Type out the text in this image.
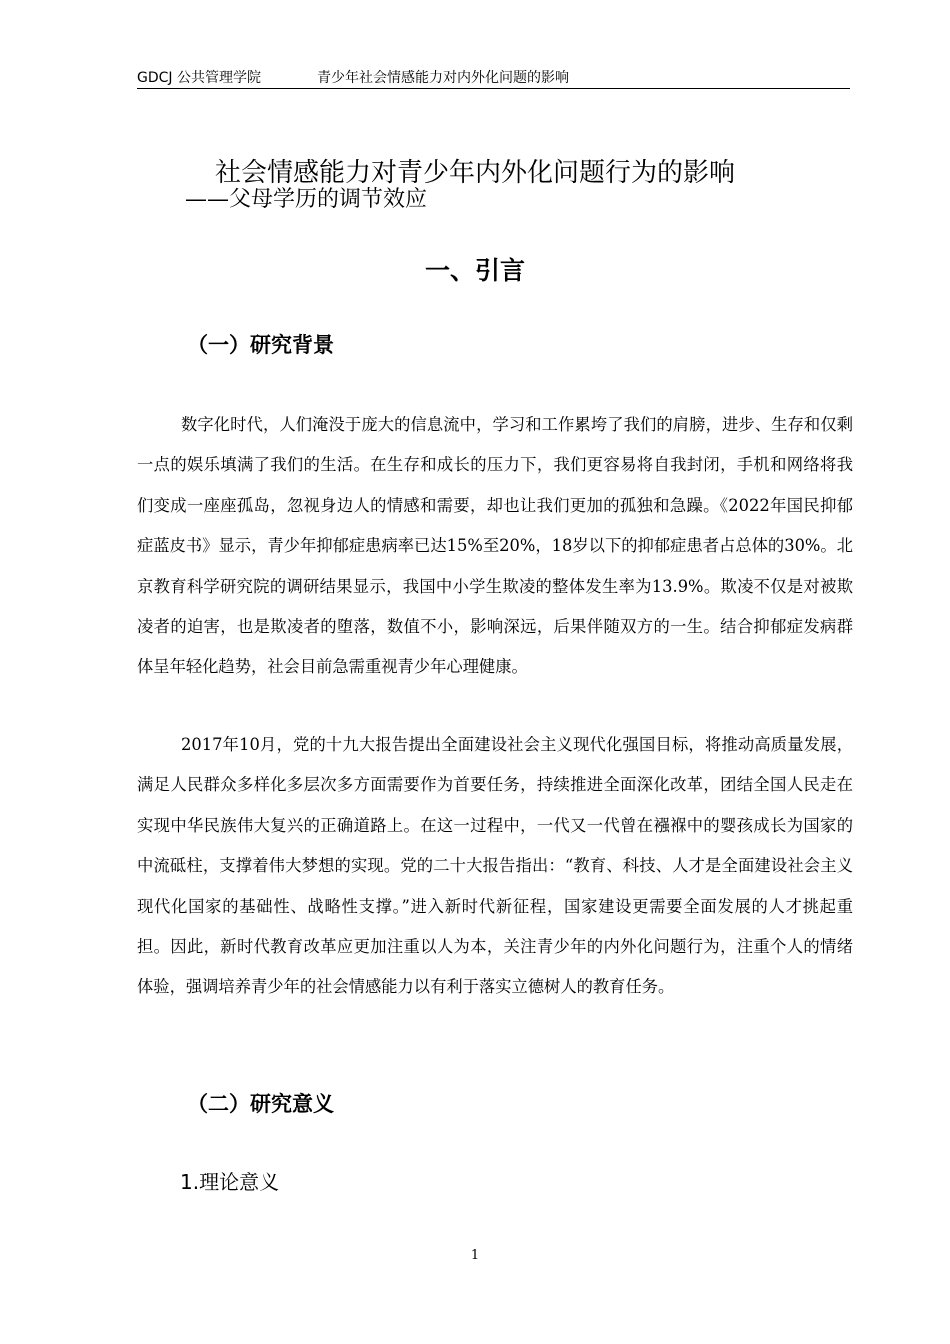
GDCJ 公共管理学院	青少年社会情感能力对内外化问题的影响
社会情感能力对青少年内外化问题行为的影响
——父母学历的调节效应
一、引言
（一）研究背景

数字化时代，人们淹没于庞大的信息流中，学习和工作累垮了我们的肩膀，进步、生存和仅剩一点的娱乐填满了我们的生活。在生存和成长的压力下，我们更容易将自我封闭，手机和网络将我们变成一座座孤岛，忽视身边人的情感和需要，却也让我们更加的孤独和急躁。《2022年国民抑郁症蓝皮书》显示，青少年抑郁症患病率已达15%至20%，18岁以下的抑郁症患者占总体的30%。北京教育科学研究院的调研结果显示，我国中小学生欺凌的整体发生率为13.9%。欺凌不仅是对被欺凌者的迫害，也是欺凌者的堕落，数值不小，影响深远，后果伴随双方的一生。结合抑郁症发病群体呈年轻化趋势，社会目前急需重视青少年心理健康。

2017年10月，党的十九大报告提出全面建设社会主义现代化强国目标，将推动高质量发展，满足人民群众多样化多层次多方面需要作为首要任务，持续推进全面深化改革，团结全国人民走在实现中华民族伟大复兴的正确道路上。在这一过程中，一代又一代曾在襁褓中的婴孩成长为国家的中流砥柱，支撑着伟大梦想的实现。党的二十大报告指出：“教育、科技、人才是全面建设社会主义现代化国家的基础性、战略性支撑。”进入新时代新征程，国家建设更需要全面发展的人才挑起重担。因此，新时代教育改革应更加注重以人为本，关注青少年的内外化问题行为，注重个人的情绪体验，强调培养青少年的社会情感能力以有利于落实立德树人的教育任务。

（二）研究意义
1.理论意义
1
